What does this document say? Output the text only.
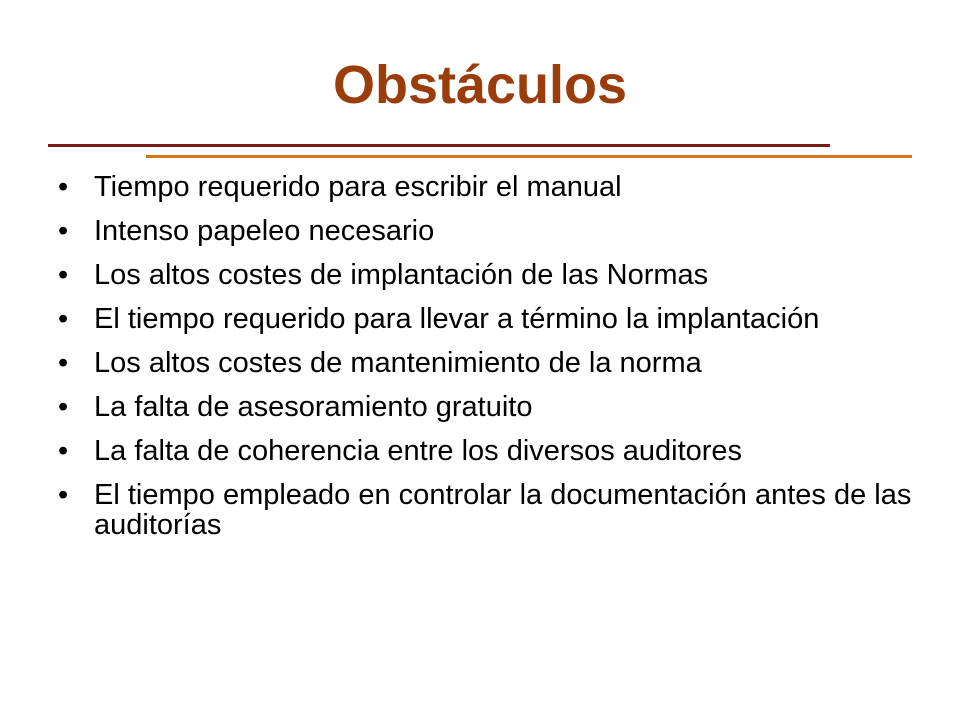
Obstáculos
• Tiempo requerido para escribir el manual
• Intenso papeleo necesario
• Los altos costes de implantación de las Normas
• El tiempo requerido para llevar a término la implantación
• Los altos costes de mantenimiento de la norma
• La falta de asesoramiento gratuito
• La falta de coherencia entre los diversos auditores
• El tiempo empleado en controlar la documentación antes de las auditorías
